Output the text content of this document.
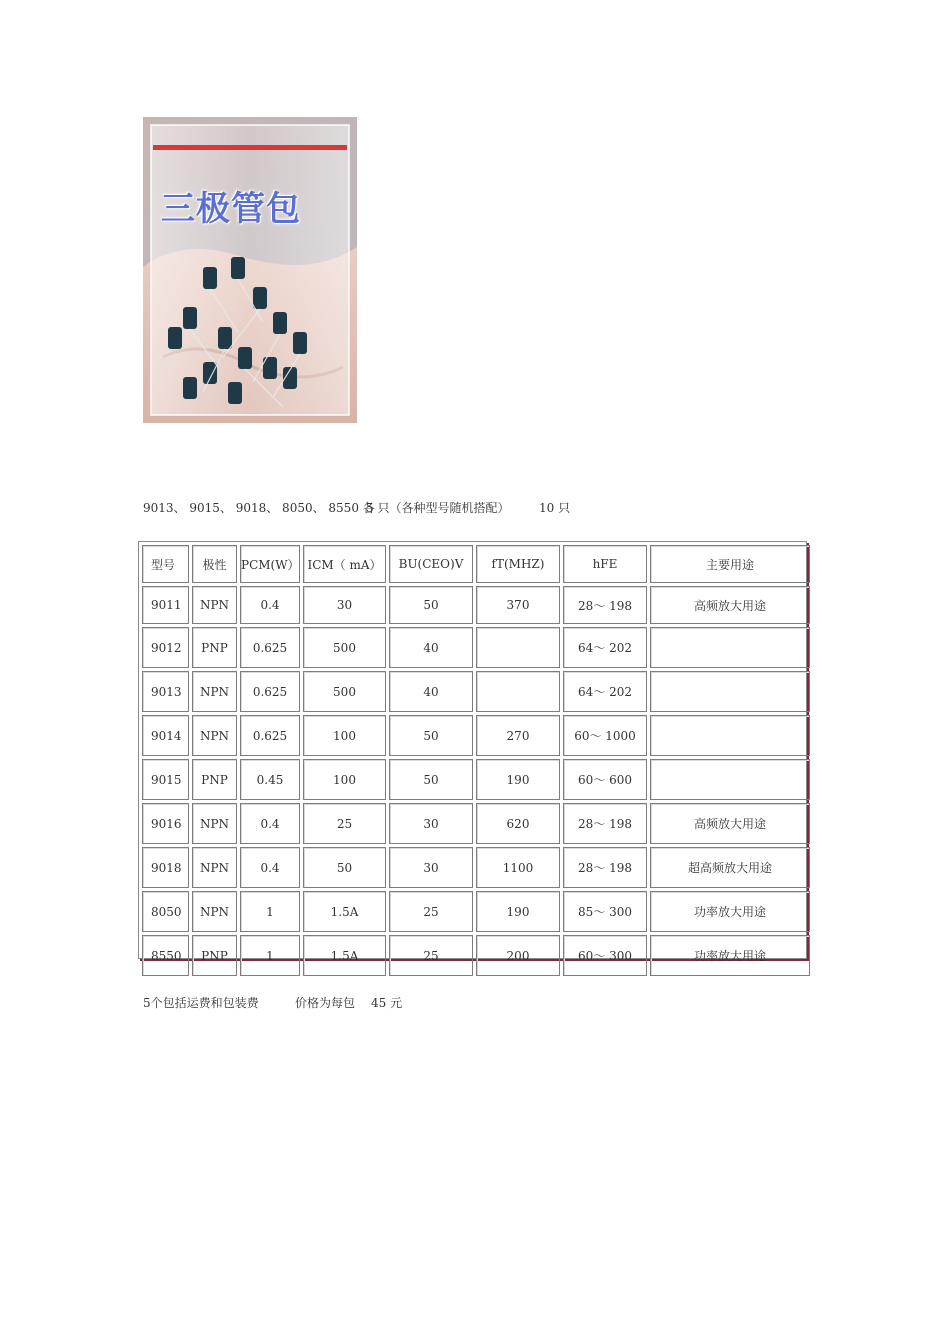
三极管包
9013、 9015、 9018、 8050、 8550 各
5 只（各种型号随机搭配） 10 只
型号	极性	PCM(W）	ICM（ mA）	BU(CEO)V	fT(MHZ)	hFE	主要用途
9011	NPN	0.4	30	50	370	28～ 198	高频放大用途
9012	PNP	0.625	500	40		64～ 202	
9013	NPN	0.625	500	40		64～ 202	
9014	NPN	0.625	100	50	270	60～ 1000	
9015	PNP	0.45	100	50	190	60～ 600	
9016	NPN	0.4	25	30	620	28～ 198	高频放大用途
9018	NPN	0.4	50	30	1100	28～ 198	超高频放大用途
8050	NPN	1	1.5A	25	190	85～ 300	功率放大用途
8550	PNP	1	1.5A	25	200	60～ 300	功率放大用途
5个包括运费和包装费	价格为每包 45 元
